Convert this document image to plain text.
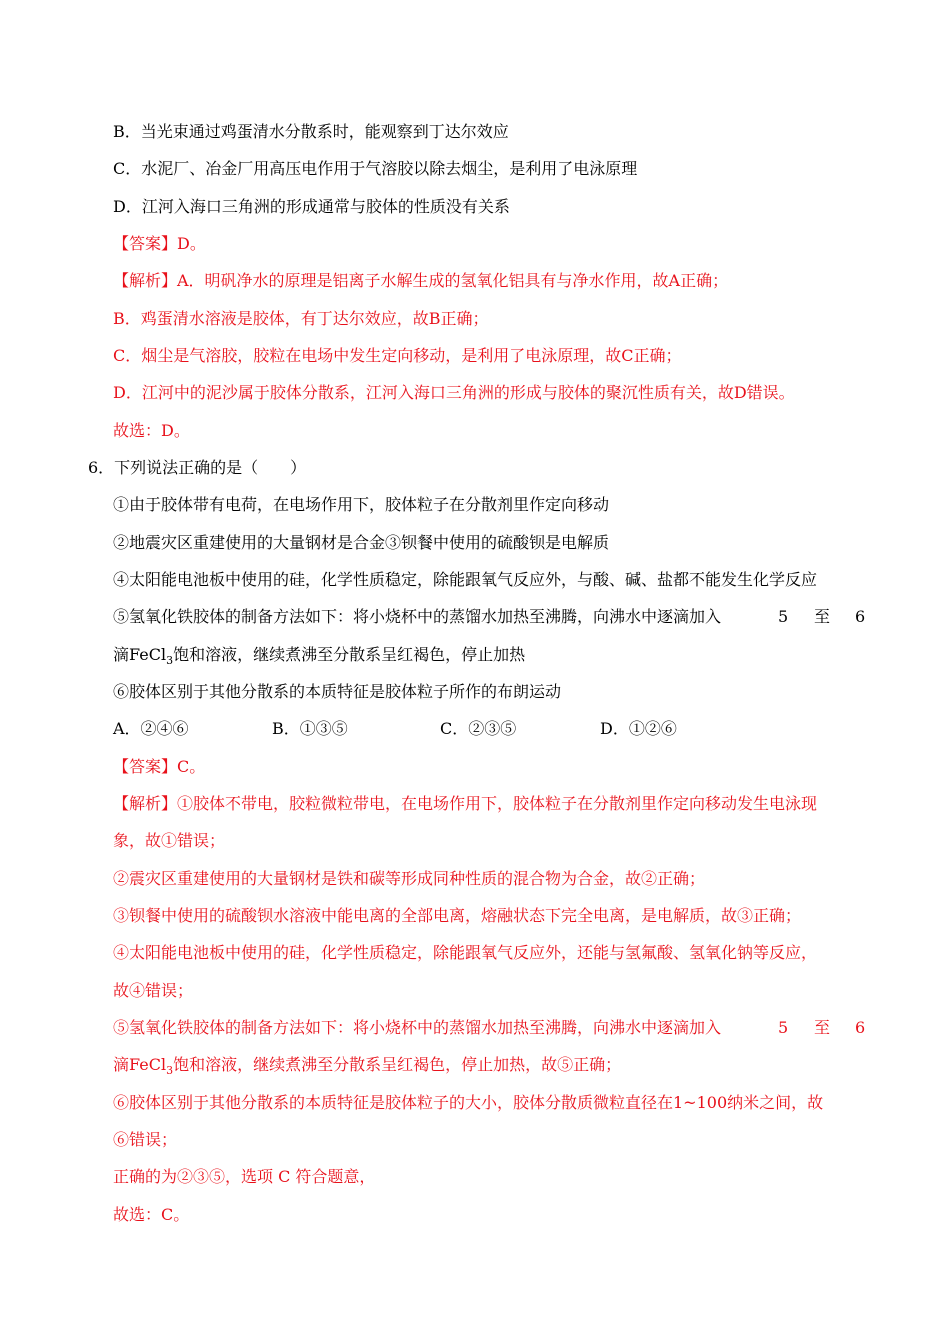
B．当光束通过鸡蛋清水分散系时，能观察到丁达尔效应
C．水泥厂、冶金厂用高压电作用于气溶胶以除去烟尘，是利用了电泳原理
D．江河入海口三角洲的形成通常与胶体的性质没有关系
【答案】D。
【解析】A．明矾净水的原理是铝离子水解生成的氢氧化铝具有与净水作用，故A正确；
B．鸡蛋清水溶液是胶体，有丁达尔效应，故B正确；
C．烟尘是气溶胶，胶粒在电场中发生定向移动，是利用了电泳原理，故C正确；
D．江河中的泥沙属于胶体分散系，江河入海口三角洲的形成与胶体的聚沉性质有关，故D错误。
故选：D。
6．下列说法正确的是（　　）
①由于胶体带有电荷，在电场作用下，胶体粒子在分散剂里作定向移动
②地震灾区重建使用的大量钢材是合金③钡餐中使用的硫酸钡是电解质
④太阳能电池板中使用的硅，化学性质稳定，除能跟氧气反应外，与酸、碱、盐都不能发生化学反应
⑤氢氧化铁胶体的制备方法如下：将小烧杯中的蒸馏水加热至沸腾，向沸水中逐滴加入	5 至 6
滴FeCl$_3$饱和溶液，继续煮沸至分散系呈红褐色，停止加热
⑥胶体区别于其他分散系的本质特征是胶体粒子所作的布朗运动
A．②④⑥	B．①③⑤	C．②③⑤	D．①②⑥
【答案】C。
【解析】①胶体不带电，胶粒微粒带电，在电场作用下，胶体粒子在分散剂里作定向移动发生电泳现
象，故①错误；
②震灾区重建使用的大量钢材是铁和碳等形成同种性质的混合物为合金，故②正确；
③钡餐中使用的硫酸钡水溶液中能电离的全部电离，熔融状态下完全电离，是电解质，故③正确；
④太阳能电池板中使用的硅，化学性质稳定，除能跟氧气反应外，还能与氢氟酸、氢氧化钠等反应，
故④错误；
⑤氢氧化铁胶体的制备方法如下：将小烧杯中的蒸馏水加热至沸腾，向沸水中逐滴加入	5 至 6
滴FeCl$_3$饱和溶液，继续煮沸至分散系呈红褐色，停止加热，故⑤正确；
⑥胶体区别于其他分散系的本质特征是胶体粒子的大小，胶体分散质微粒直径在1~100纳米之间，故
⑥错误；
正确的为②③⑤，选项 C 符合题意，
故选：C。
